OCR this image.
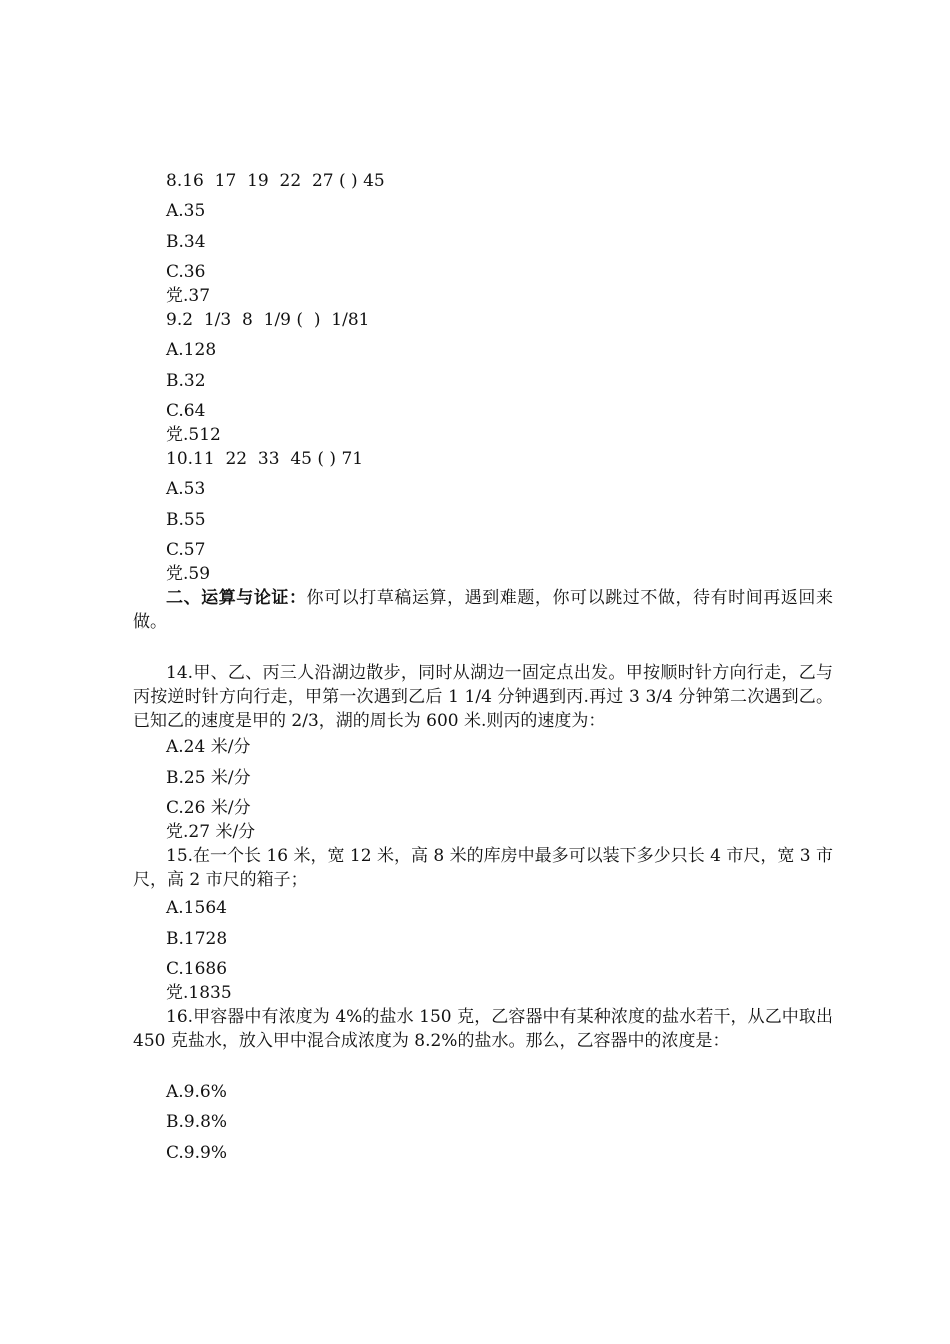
8.16  17  19  22  27 ( ) 45
A.35
B.34
C.36
党.37
9.2  1/3  8  1/9 (  )  1/81
A.128
B.32
C.64
党.512
10.11  22  33  45 ( ) 71
A.53
B.55
C.57
党.59
二、运算与论证：你可以打草稿运算，遇到难题，你可以跳过不做，待有时间再返回来做。
14.甲、乙、丙三人沿湖边散步，同时从湖边一固定点出发。甲按顺时针方向行走，乙与丙按逆时针方向行走，甲第一次遇到乙后 1 1/4 分钟遇到丙.再过 3 3/4 分钟第二次遇到乙。已知乙的速度是甲的 2/3，湖的周长为 600 米.则丙的速度为：
A.24 米/分
B.25 米/分
C.26 米/分
党.27 米/分
15.在一个长 16 米，宽 12 米，高 8 米的库房中最多可以装下多少只长 4 市尺，宽 3 市尺，高 2 市尺的箱子；
A.1564
B.1728
C.1686
党.1835
16.甲容器中有浓度为 4%的盐水 150 克，乙容器中有某种浓度的盐水若干，从乙中取出 450 克盐水，放入甲中混合成浓度为 8.2%的盐水。那么，乙容器中的浓度是：
A.9.6%
B.9.8%
C.9.9%
